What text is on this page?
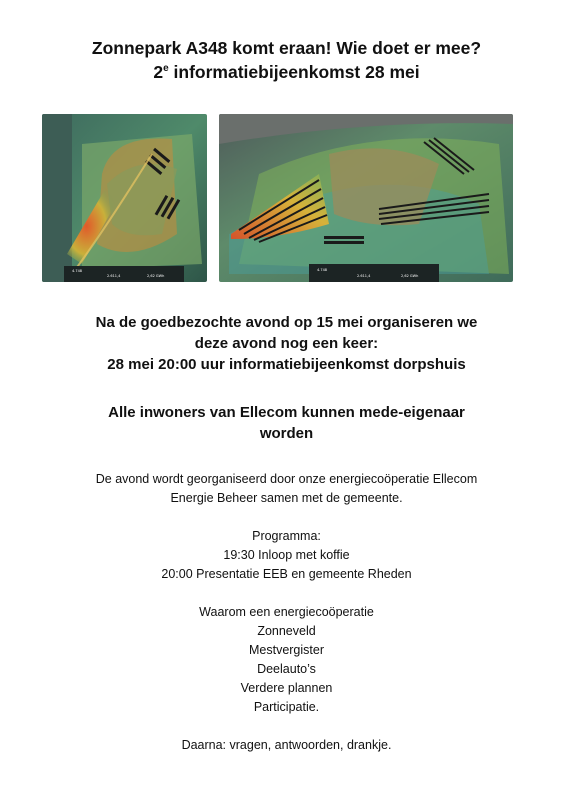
Zonnepark A348 komt eraan! Wie doet er mee?
2e informatiebijeenkomst 28 mei
4.748
2.611,4	2,62 GWh
4.748
2.611,4	2,62 GWh
Na de goedbezochte avond op 15 mei organiseren we
deze avond nog een keer:
28 mei 20:00 uur informatiebijeenkomst dorpshuis
Alle inwoners van Ellecom kunnen mede-eigenaar
worden
De avond wordt georganiseerd door onze energiecoöperatie Ellecom
Energie Beheer samen met de gemeente.
Programma:
19:30 Inloop met koffie
20:00 Presentatie EEB en gemeente Rheden
Waarom een energiecoöperatie
Zonneveld
Mestvergister
Deelauto’s
Verdere plannen
Participatie.
Daarna: vragen, antwoorden, drankje.
